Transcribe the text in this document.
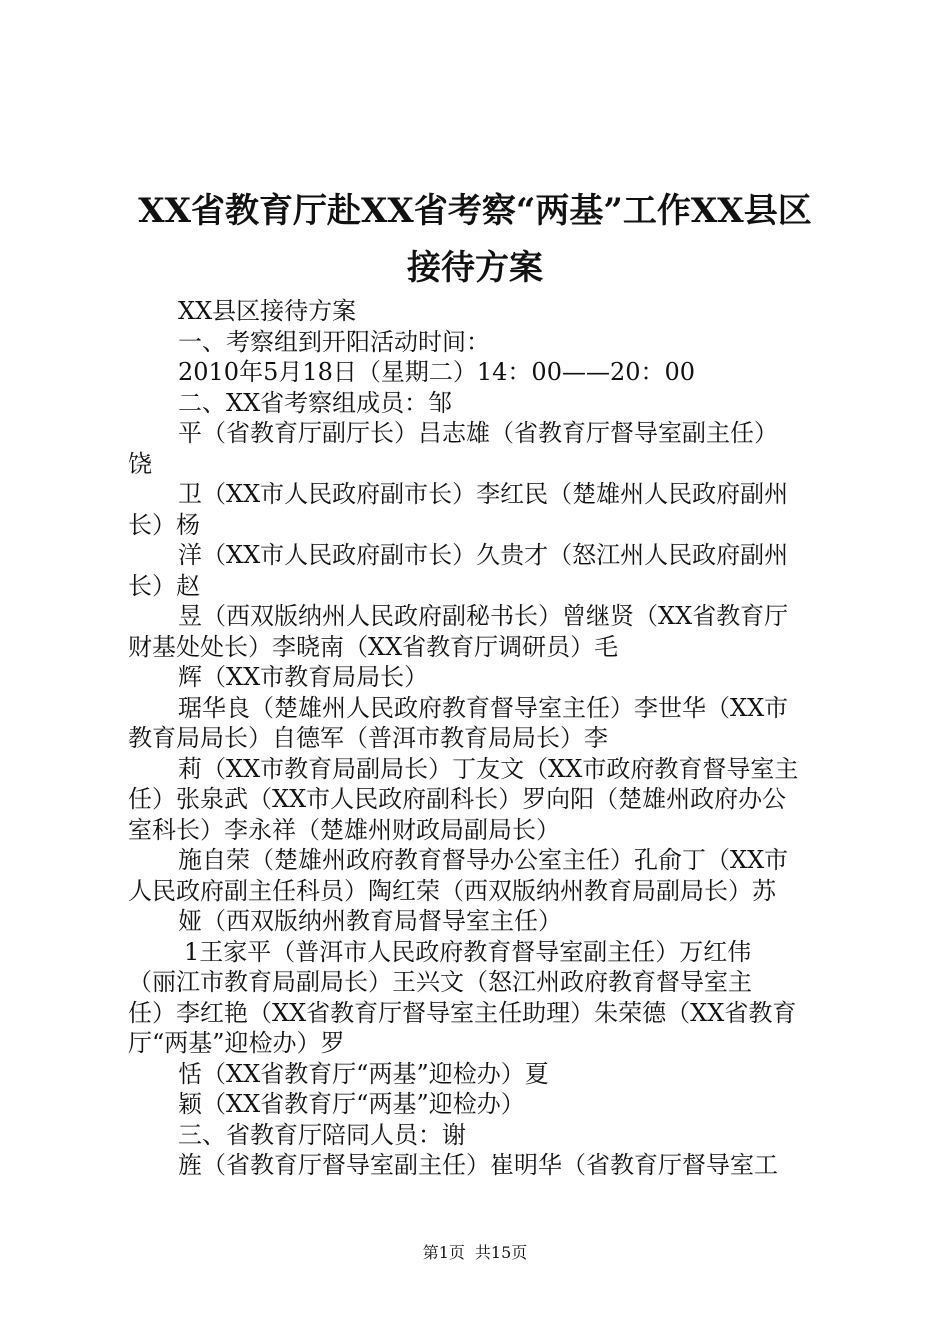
XX省教育厅赴XX省考察“两基”工作XX县区
接待方案
XX县区接待方案
一、考察组到开阳活动时间：
2010年5月18日（星期二）14：00——20：00
二、XX省考察组成员：邹
平（省教育厅副厅长）吕志雄（省教育厅督导室副主任）
饶
卫（XX市人民政府副市长）李红民（楚雄州人民政府副州
长）杨
洋（XX市人民政府副市长）久贵才（怒江州人民政府副州
长）赵
昱（西双版纳州人民政府副秘书长）曾继贤（XX省教育厅
财基处处长）李晓南（XX省教育厅调研员）毛
辉（XX市教育局局长）
琚华良（楚雄州人民政府教育督导室主任）李世华（XX市
教育局局长）自德军（普洱市教育局局长）李
莉（XX市教育局副局长）丁友文（XX市政府教育督导室主
任）张泉武（XX市人民政府副科长）罗向阳（楚雄州政府办公
室科长）李永祥（楚雄州财政局副局长）
施自荣（楚雄州政府教育督导办公室主任）孔俞丁（XX市
人民政府副主任科员）陶红荣（西双版纳州教育局副局长）苏
娅（西双版纳州教育局督导室主任）
1王家平（普洱市人民政府教育督导室副主任）万红伟
（丽江市教育局副局长）王兴文（怒江州政府教育督导室主
任）李红艳（XX省教育厅督导室主任助理）朱荣德（XX省教育
厅“两基”迎检办）罗
恬（XX省教育厅“两基”迎检办）夏
颖（XX省教育厅“两基”迎检办）
三、省教育厅陪同人员：谢
旌（省教育厅督导室副主任）崔明华（省教育厅督导室工
第1页 共15页
